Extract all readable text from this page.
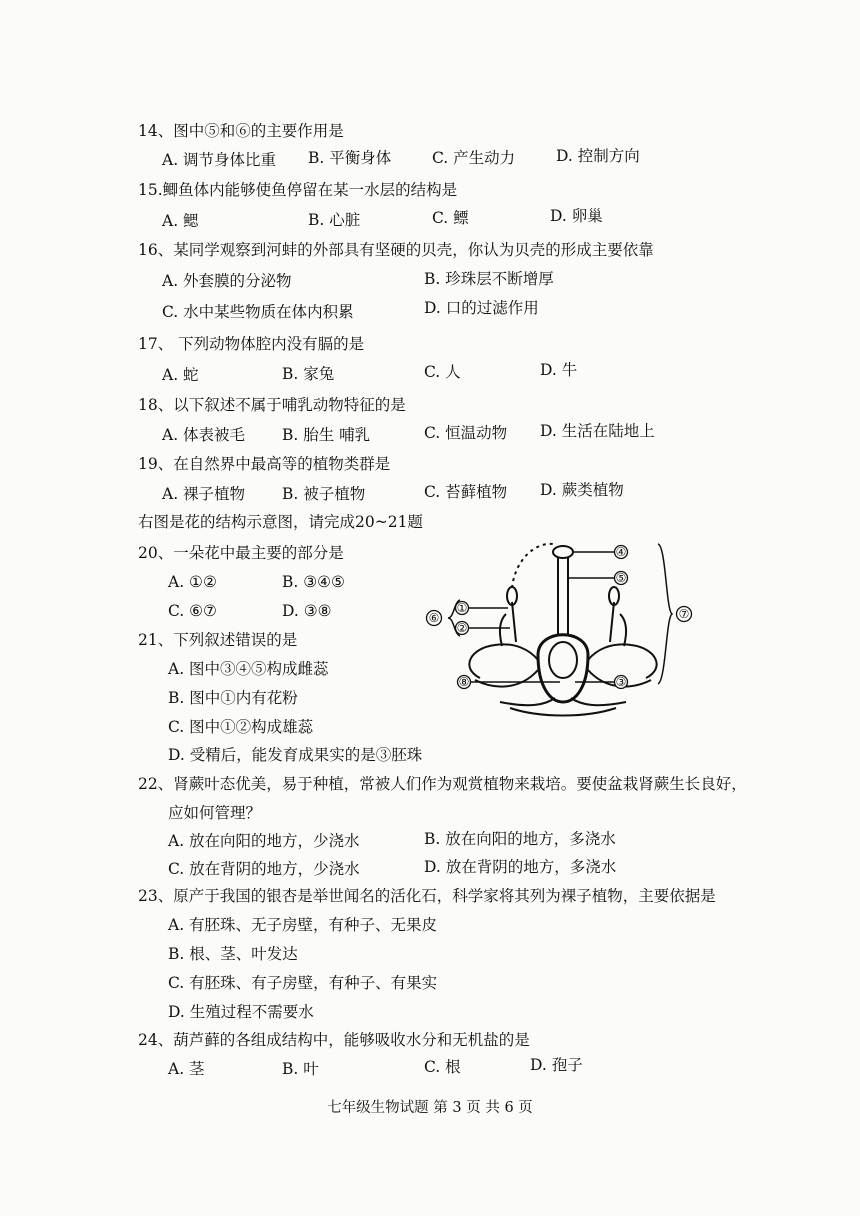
14、图中⑤和⑥的主要作用是
A. 调节身体比重 B. 平衡身体	C. 产生动力	D. 控制方向
15.鲫鱼体内能够使鱼停留在某一水层的结构是
A. 鳃	B. 心脏	C. 鳔	D. 卵巢
16、某同学观察到河蚌的外部具有坚硬的贝壳，你认为贝壳的形成主要依靠
A. 外套膜的分泌物	B. 珍珠层不断增厚
C. 水中某些物质在体内积累	D. 口的过滤作用
17、 下列动物体腔内没有膈的是
A. 蛇	B. 家兔	C. 人	D. 牛
18、以下叙述不属于哺乳动物特征的是
A. 体表被毛 B. 胎生 哺乳	C. 恒温动物 D. 生活在陆地上
19、在自然界中最高等的植物类群是
A. 裸子植物 B. 被子植物	C. 苔藓植物 D. 蕨类植物
右图是花的结构示意图，请完成20~21题
20、一朵花中最主要的部分是
A. ①②	B. ③④⑤
C. ⑥⑦	D. ③⑧
21、下列叙述错误的是
A. 图中③④⑤构成雌蕊
B. 图中①内有花粉
C. 图中①②构成雄蕊
D. 受精后，能发育成果实的是③胚珠
22、肾蕨叶态优美，易于种植，常被人们作为观赏植物来栽培。要使盆栽肾蕨生长良好，
应如何管理？
A. 放在向阳的地方，少浇水	B. 放在向阳的地方，多浇水
C. 放在背阴的地方，少浇水	D. 放在背阴的地方，多浇水
23、原产于我国的银杏是举世闻名的活化石，科学家将其列为裸子植物，主要依据是
A. 有胚珠、无子房壁，有种子、无果皮
B. 根、茎、叶发达
C. 有胚珠、有子房壁，有种子、有果实
D. 生殖过程不需要水
24、葫芦藓的各组成结构中，能够吸收水分和无机盐的是
A. 茎	B. 叶	C. 根	D. 孢子
①
②
③
④
⑤
⑥	⑦
⑧
七年级生物试题 第 3 页 共 6 页
